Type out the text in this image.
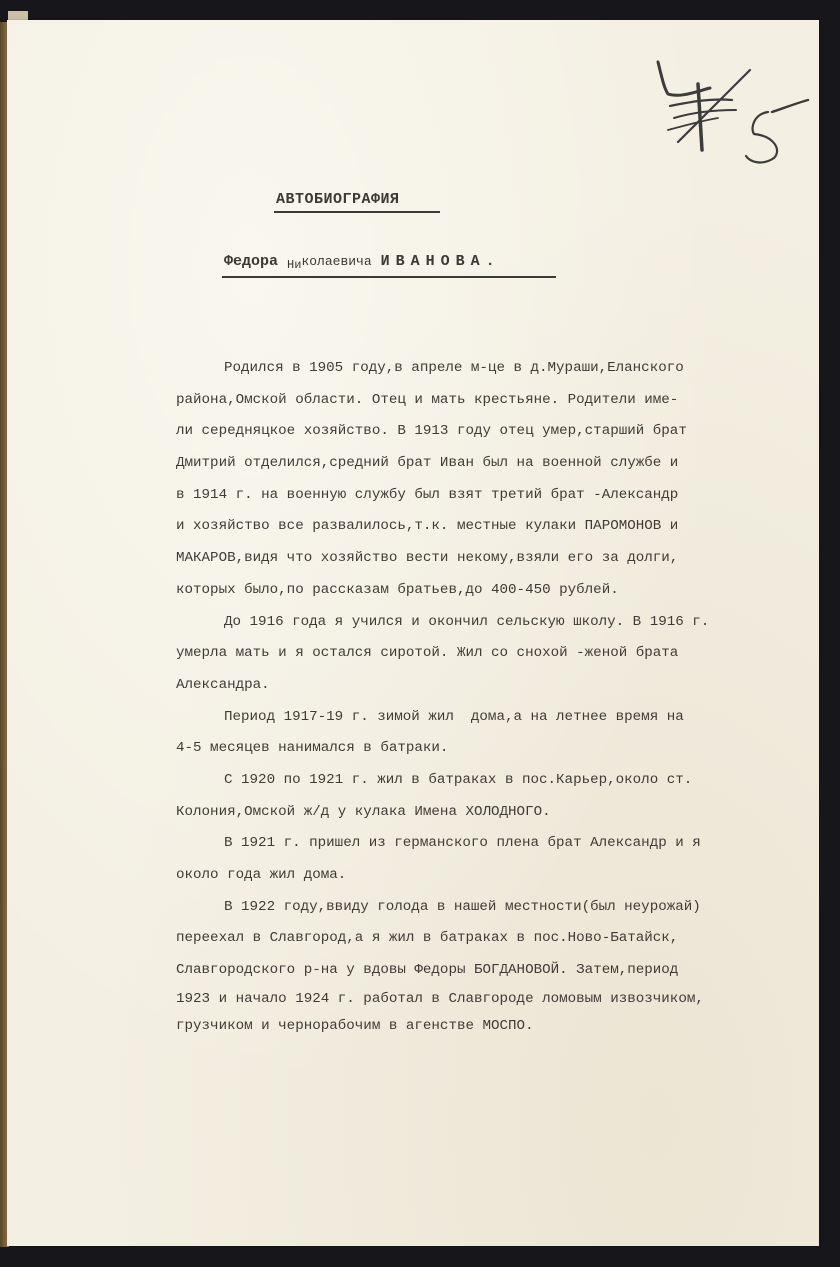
АВТОБИОГРАФИЯ
Федора $_{Ни}$колаевича ИВАНОВА.
Родился в 1905 году,в апреле м-це в д.Мураши,Еланского
района,Омской области. Отец и мать крестьяне. Родители име-
ли середняцкое хозяйство. В 1913 году отец умер,старший брат
Дмитрий отделился,средний брат Иван был на военной службе и
в 1914 г. на военную службу был взят третий брат -Александр
и хозяйство все развалилось,т.к. местные кулаки ПАРОМОНОВ и
МАКАРОВ,видя что хозяйство вести некому,взяли его за долги,
которых было,по рассказам братьев,до 400-450 рублей.
До 1916 года я учился и окончил сельскую школу. В 1916 г.
умерла мать и я остался сиротой. Жил со снохой -женой брата
Александра.
Период 1917-19 г. зимой жил  дома,а на летнее время на
4-5 месяцев нанимался в батраки.
С 1920 по 1921 г. жил в батраках в пос.Карьер,около ст.
Колония,Омской ж/д у кулака Имена ХОЛОДНОГО.
В 1921 г. пришел из германского плена брат Александр и я
около года жил дома.
В 1922 году,ввиду голода в нашей местности(был неурожай)
переехал в Славгород,а я жил в батраках в пос.Ново-Батайск,
Славгородского р-на у вдовы Федоры БОГДАНОВОЙ. Затем,период
1923 и начало 1924 г. работал в Славгороде ломовым извозчиком,
грузчиком и чернорабочим в агенстве МОСПО.
